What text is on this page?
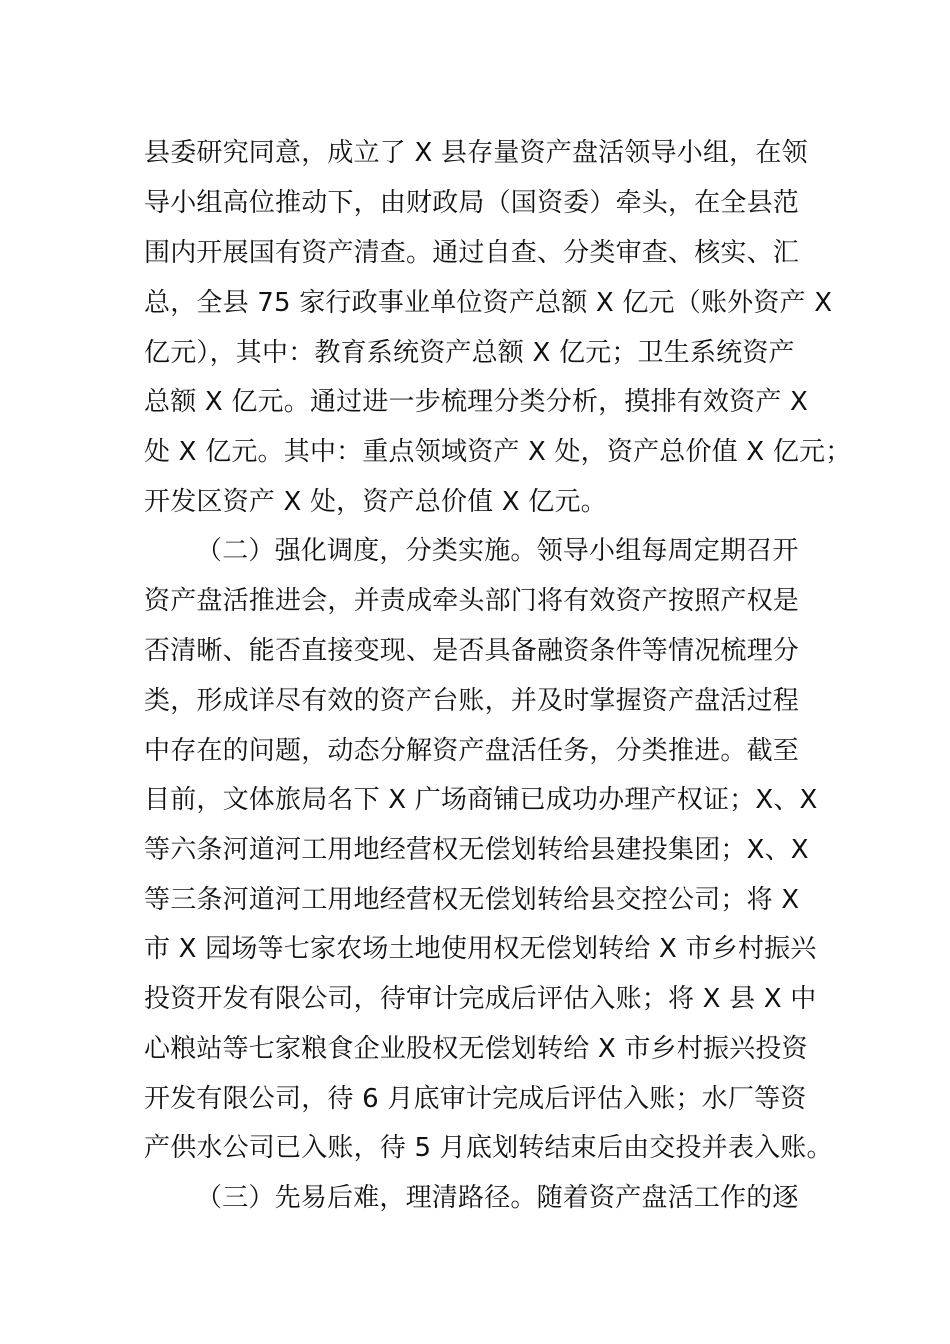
县委研究同意，成立了 X 县存量资产盘活领导小组，在领
导小组高位推动下，由财政局（国资委）牵头，在全县范
围内开展国有资产清查。通过自查、分类审查、核实、汇
总，全县 75 家行政事业单位资产总额 X 亿元（账外资产 X
亿元），其中：教育系统资产总额 X 亿元；卫生系统资产
总额 X 亿元。通过进一步梳理分类分析，摸排有效资产 X
处 X 亿元。其中：重点领域资产 X 处，资产总价值 X 亿元；
开发区资产 X 处，资产总价值 X 亿元。
（二）强化调度，分类实施。领导小组每周定期召开
资产盘活推进会，并责成牵头部门将有效资产按照产权是
否清晰、能否直接变现、是否具备融资条件等情况梳理分
类，形成详尽有效的资产台账，并及时掌握资产盘活过程
中存在的问题，动态分解资产盘活任务，分类推进。截至
目前，文体旅局名下 X 广场商铺已成功办理产权证；X、X
等六条河道河工用地经营权无偿划转给县建投集团；X、X
等三条河道河工用地经营权无偿划转给县交控公司；将 X
市 X 园场等七家农场土地使用权无偿划转给 X 市乡村振兴
投资开发有限公司，待审计完成后评估入账；将 X 县 X 中
心粮站等七家粮食企业股权无偿划转给 X 市乡村振兴投资
开发有限公司，待 6 月底审计完成后评估入账；水厂等资
产供水公司已入账，待 5 月底划转结束后由交投并表入账。
（三）先易后难，理清路径。随着资产盘活工作的逐
